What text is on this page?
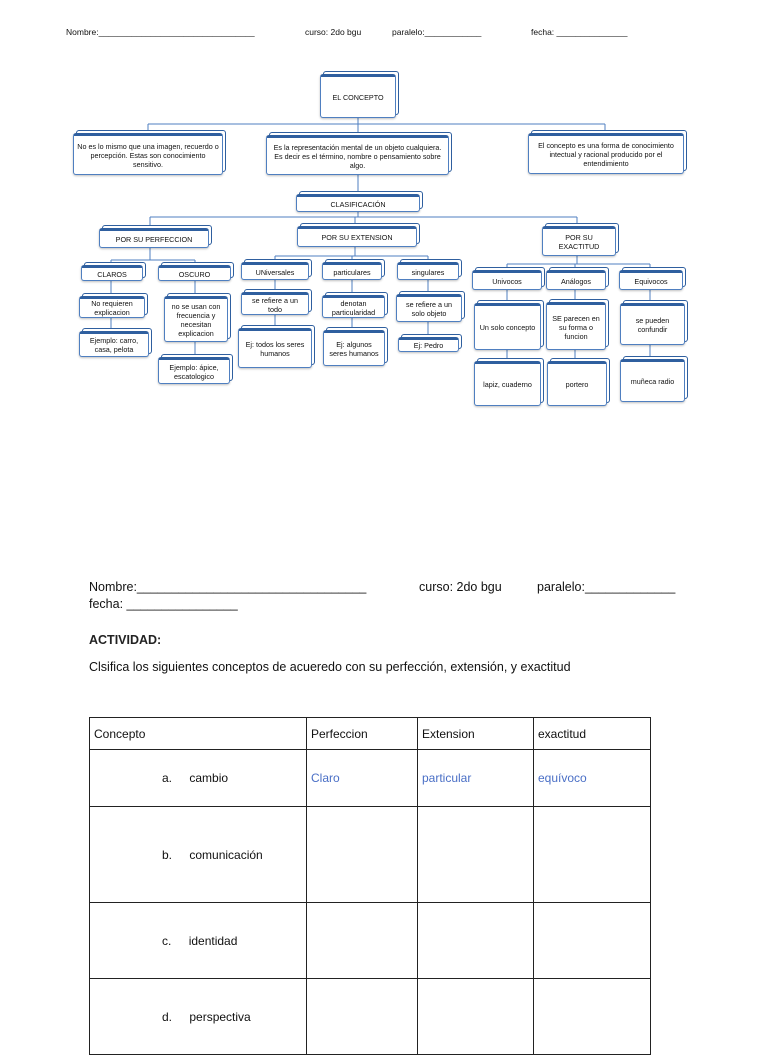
Nombre:_________________________________	curso: 2do bgu	paralelo:____________	fecha: _______________
EL CONCEPTO
No es lo mismo que una imagen, recuerdo o percepción. Estas son conocimiento sensitivo.
Es la representación mental de un objeto cualquiera. Es decir es el término, nombre o pensamiento sobre algo.
El concepto es una forma de conocimiento intectual y racional producido por el entendimiento
CLASIFICACIÓN
POR SU PERFECCION
CLAROS
No requieren explicacion
Ejemplo: carro, casa, pelota
OSCURO
no se usan con frecuencia y necesitan explicacion
Ejemplo: ápice, escatologico
POR SU EXTENSION
UNiversales
se refiere a un todo
Ej: todos los seres humanos
particulares
denotan particularidad
Ej: algunos seres humanos
singulares
se refiere a un solo objeto
Ej: Pedro
POR SU EXACTITUD
Univocos
Un solo concepto
lapiz, cuaderno
Análogos
SE parecen en su forma o funcion
portero
Equivocos
se pueden confundir
muñeca radio
Nombre:_________________________________	curso: 2do bgu	paralelo:_____________
fecha: ________________
ACTIVIDAD:
Clsifica los siguientes conceptos de acueredo con su perfección, extensión, y exactitud
Concepto	Perfeccion	Extension	exactitud
a. cambio	Claro	particular	equívoco
b. comunicación			
c. identidad			
d. perspectiva			
